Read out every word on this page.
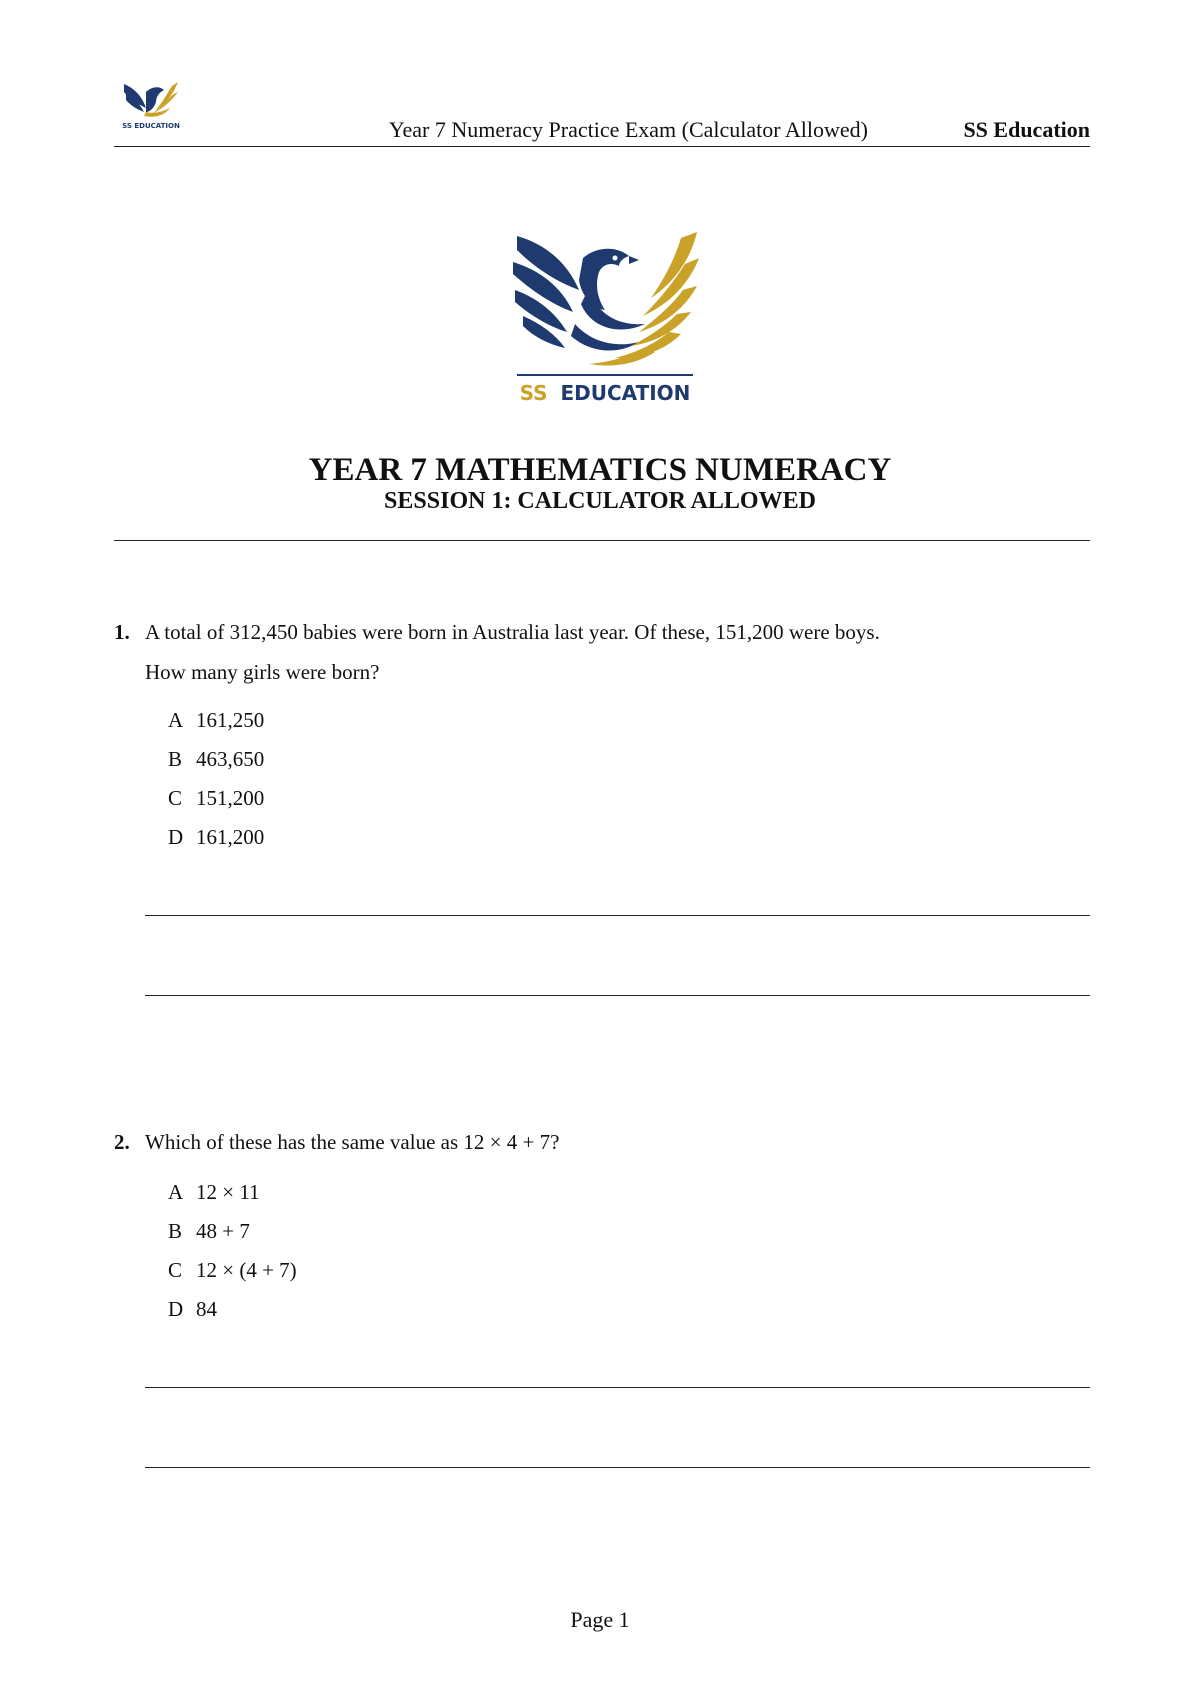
SS EDUCATION	Year 7 Numeracy Practice Exam (Calculator Allowed)	SS Education
SS EDUCATION
YEAR 7 MATHEMATICS NUMERACY
SESSION 1: CALCULATOR ALLOWED
1. A total of 312,450 babies were born in Australia last year. Of these, 151,200 were boys.
How many girls were born?
A 161,250
B 463,650
C 151,200
D 161,200
2. Which of these has the same value as 12 × 4 + 7?
A 12 × 11
B 48 + 7
C 12 × (4 + 7)
D 84
Page 1
